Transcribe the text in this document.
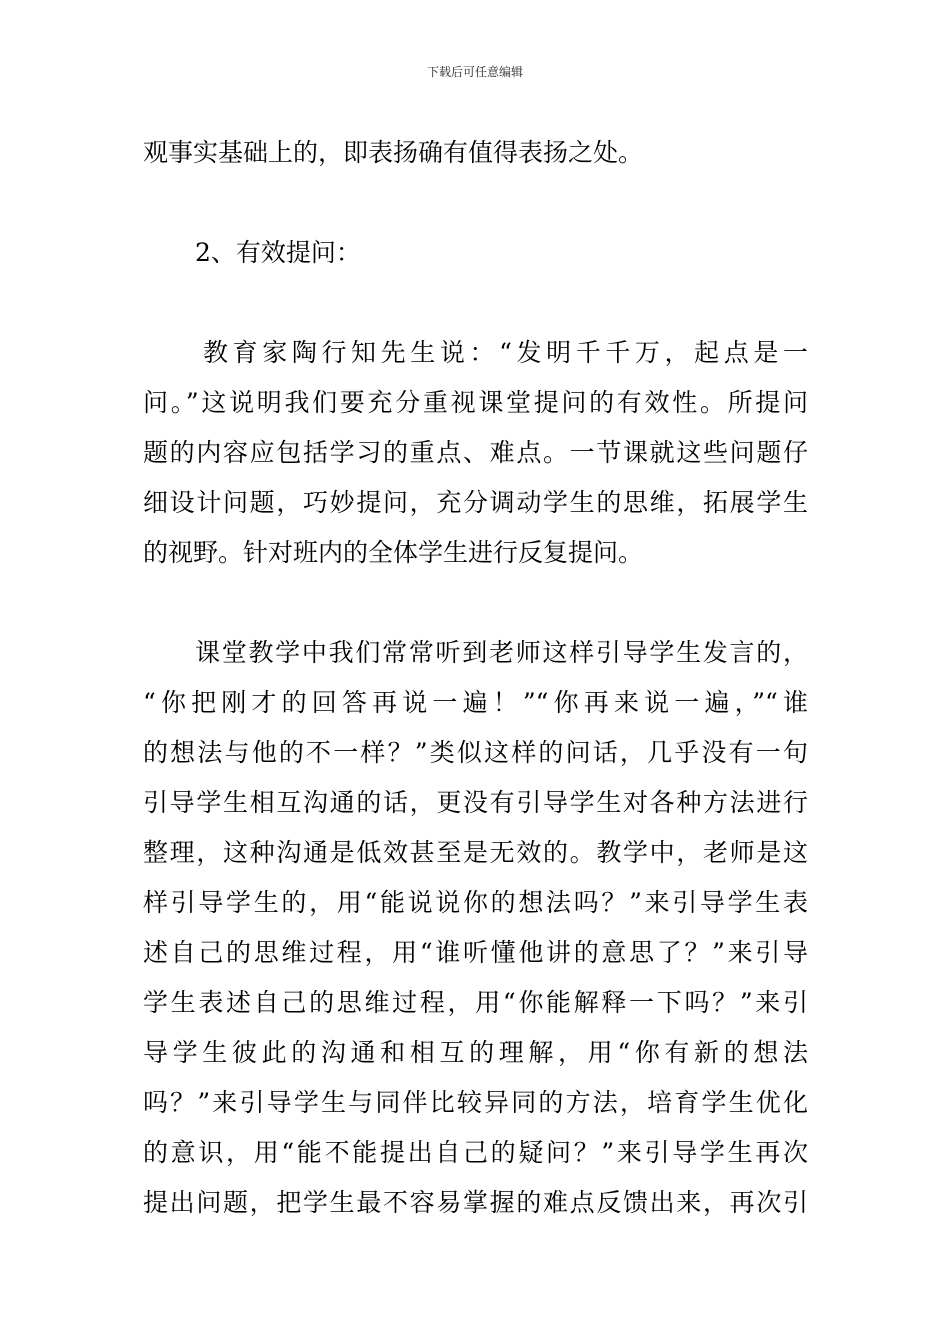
下载后可任意编辑
观事实基础上的，即表扬确有值得表扬之处。
2、有效提问：
教育家陶行知先生说：“发明千千万，起点是一
问。”这说明我们要充分重视课堂提问的有效性。所提问
题的内容应包括学习的重点、难点。一节课就这些问题仔
细设计问题，巧妙提问，充分调动学生的思维，拓展学生
的视野。针对班内的全体学生进行反复提问。
课堂教学中我们常常听到老师这样引导学生发言的，
“你把刚才的回答再说一遍！”“你再来说一遍，”“谁
的想法与他的不一样？”类似这样的问话，几乎没有一句
引导学生相互沟通的话，更没有引导学生对各种方法进行
整理，这种沟通是低效甚至是无效的。教学中，老师是这
样引导学生的，用“能说说你的想法吗？”来引导学生表
述自己的思维过程，用“谁听懂他讲的意思了？”来引导
学生表述自己的思维过程，用“你能解释一下吗？”来引
导学生彼此的沟通和相互的理解，用“你有新的想法
吗？”来引导学生与同伴比较异同的方法，培育学生优化
的意识，用“能不能提出自己的疑问？”来引导学生再次
提出问题，把学生最不容易掌握的难点反馈出来，再次引
